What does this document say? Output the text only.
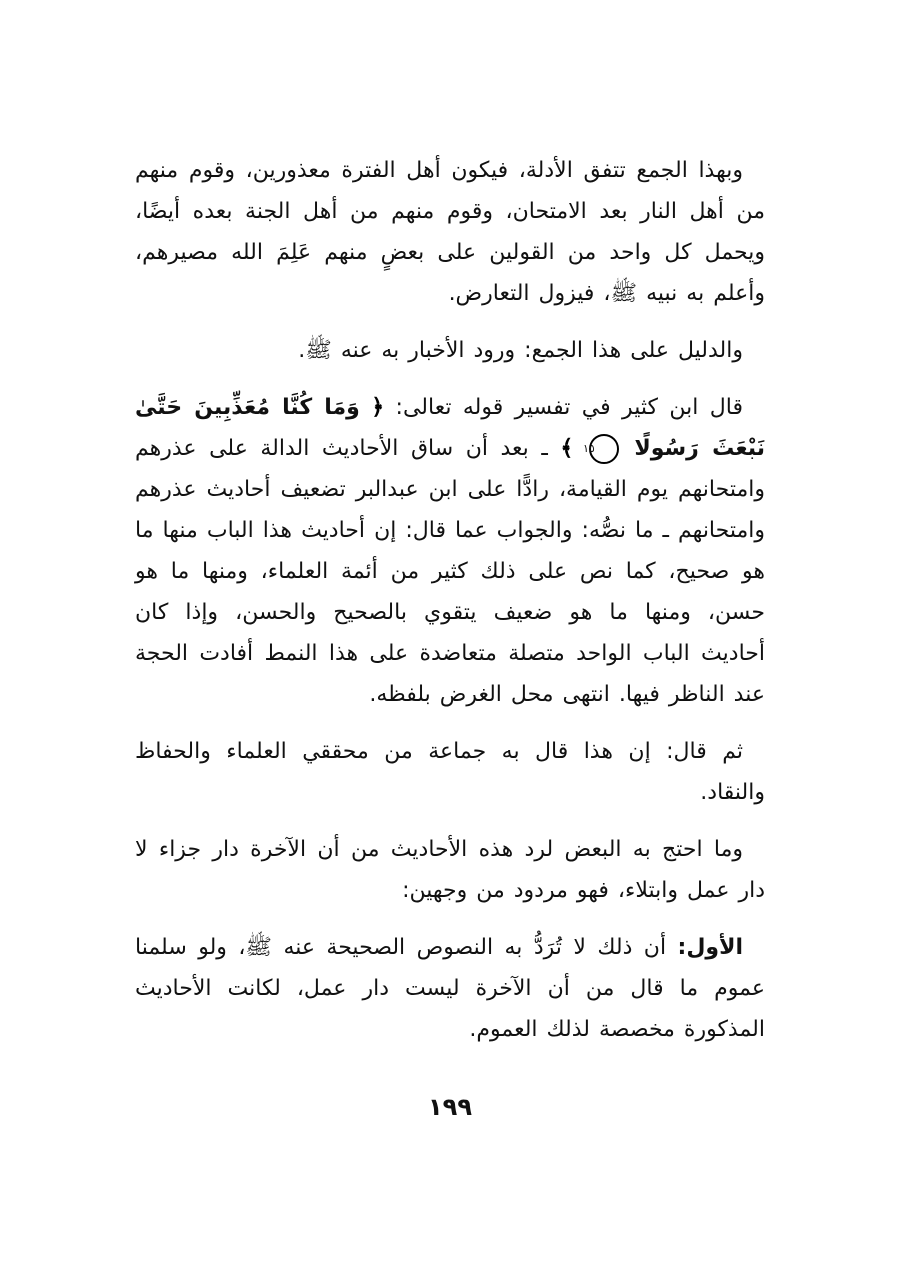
وبهذا الجمع تتفق الأدلة، فيكون أهل الفترة معذورين، وقوم منهم من أهل النار بعد الامتحان، وقوم منهم من أهل الجنة بعده أيضًا، ويحمل كل واحد من القولين على بعضٍ منهم عَلِمَ الله مصيرهم، وأعلم به نبيه ﷺ، فيزول التعارض.

والدليل على هذا الجمع: ورود الأخبار به عنه ﷺ.

قال ابن كثير في تفسير قوله تعالى: ﴿ وَمَا كُنَّا مُعَذِّبِينَ حَتَّىٰ نَبْعَثَ رَسُولًا ١٥ ﴾ ـ بعد أن ساق الأحاديث الدالة على عذرهم وامتحانهم يوم القيامة، رادًّا على ابن عبدالبر تضعيف أحاديث عذرهم وامتحانهم ـ ما نصُّه: والجواب عما قال: إن أحاديث هذا الباب منها ما هو صحيح، كما نص على ذلك كثير من أئمة العلماء، ومنها ما هو حسن، ومنها ما هو ضعيف يتقوي بالصحيح والحسن، وإذا كان أحاديث الباب الواحد متصلة متعاضدة على هذا النمط أفادت الحجة عند الناظر فيها. انتهى محل الغرض بلفظه.

ثم قال: إن هذا قال به جماعة من محققي العلماء والحفاظ والنقاد.

وما احتج به البعض لرد هذه الأحاديث من أن الآخرة دار جزاء لا دار عمل وابتلاء، فهو مردود من وجهين:

الأول: أن ذلك لا تُرَدُّ به النصوص الصحيحة عنه ﷺ، ولو سلمنا عموم ما قال من أن الآخرة ليست دار عمل، لكانت الأحاديث المذكورة مخصصة لذلك العموم.

١٩٩
